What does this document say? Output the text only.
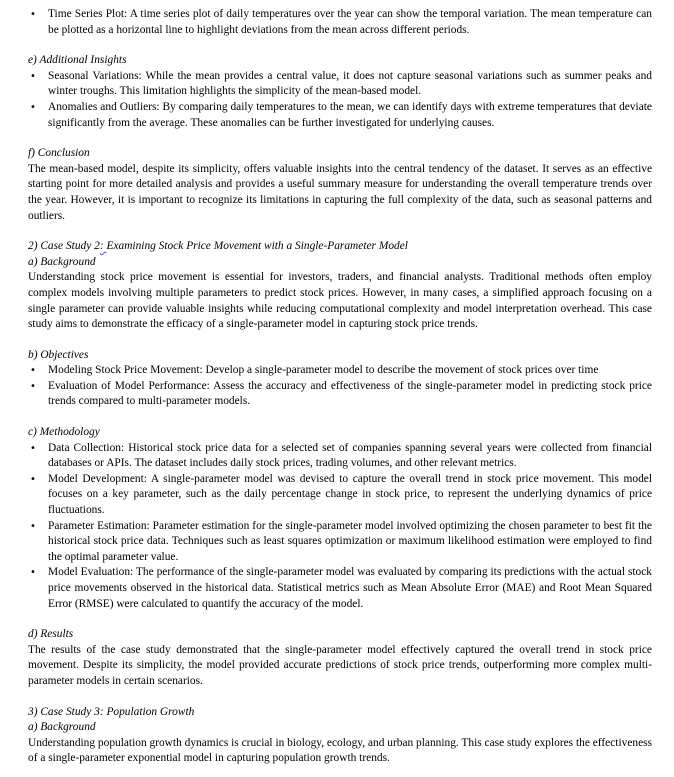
• Time Series Plot: A time series plot of daily temperatures over the year can show the temporal variation. The mean temperature can be plotted as a horizontal line to highlight deviations from the mean across different periods.
e) Additional Insights
• Seasonal Variations: While the mean provides a central value, it does not capture seasonal variations such as summer peaks and winter troughs. This limitation highlights the simplicity of the mean-based model.
• Anomalies and Outliers: By comparing daily temperatures to the mean, we can identify days with extreme temperatures that deviate significantly from the average. These anomalies can be further investigated for underlying causes.
f) Conclusion
The mean-based model, despite its simplicity, offers valuable insights into the central tendency of the dataset. It serves as an effective starting point for more detailed analysis and provides a useful summary measure for understanding the overall temperature trends over the year. However, it is important to recognize its limitations in capturing the full complexity of the data, such as seasonal patterns and outliers.
2) Case Study 2: Examining Stock Price Movement with a Single-Parameter Model
a) Background
Understanding stock price movement is essential for investors, traders, and financial analysts. Traditional methods often employ complex models involving multiple parameters to predict stock prices. However, in many cases, a simplified approach focusing on a single parameter can provide valuable insights while reducing computational complexity and model interpretation overhead. This case study aims to demonstrate the efficacy of a single-parameter model in capturing stock price trends.
b) Objectives
• Modeling Stock Price Movement: Develop a single-parameter model to describe the movement of stock prices over time
• Evaluation of Model Performance: Assess the accuracy and effectiveness of the single-parameter model in predicting stock price trends compared to multi-parameter models.
c) Methodology
• Data Collection: Historical stock price data for a selected set of companies spanning several years were collected from financial databases or APIs. The dataset includes daily stock prices, trading volumes, and other relevant metrics.
• Model Development: A single-parameter model was devised to capture the overall trend in stock price movement. This model focuses on a key parameter, such as the daily percentage change in stock price, to represent the underlying dynamics of price fluctuations.
• Parameter Estimation: Parameter estimation for the single-parameter model involved optimizing the chosen parameter to best fit the historical stock price data. Techniques such as least squares optimization or maximum likelihood estimation were employed to find the optimal parameter value.
• Model Evaluation: The performance of the single-parameter model was evaluated by comparing its predictions with the actual stock price movements observed in the historical data. Statistical metrics such as Mean Absolute Error (MAE) and Root Mean Squared Error (RMSE) were calculated to quantify the accuracy of the model.
d) Results
The results of the case study demonstrated that the single-parameter model effectively captured the overall trend in stock price movement. Despite its simplicity, the model provided accurate predictions of stock price trends, outperforming more complex multi-parameter models in certain scenarios.
3) Case Study 3: Population Growth
a) Background
Understanding population growth dynamics is crucial in biology, ecology, and urban planning. This case study explores the effectiveness of a single-parameter exponential model in capturing population growth trends.
